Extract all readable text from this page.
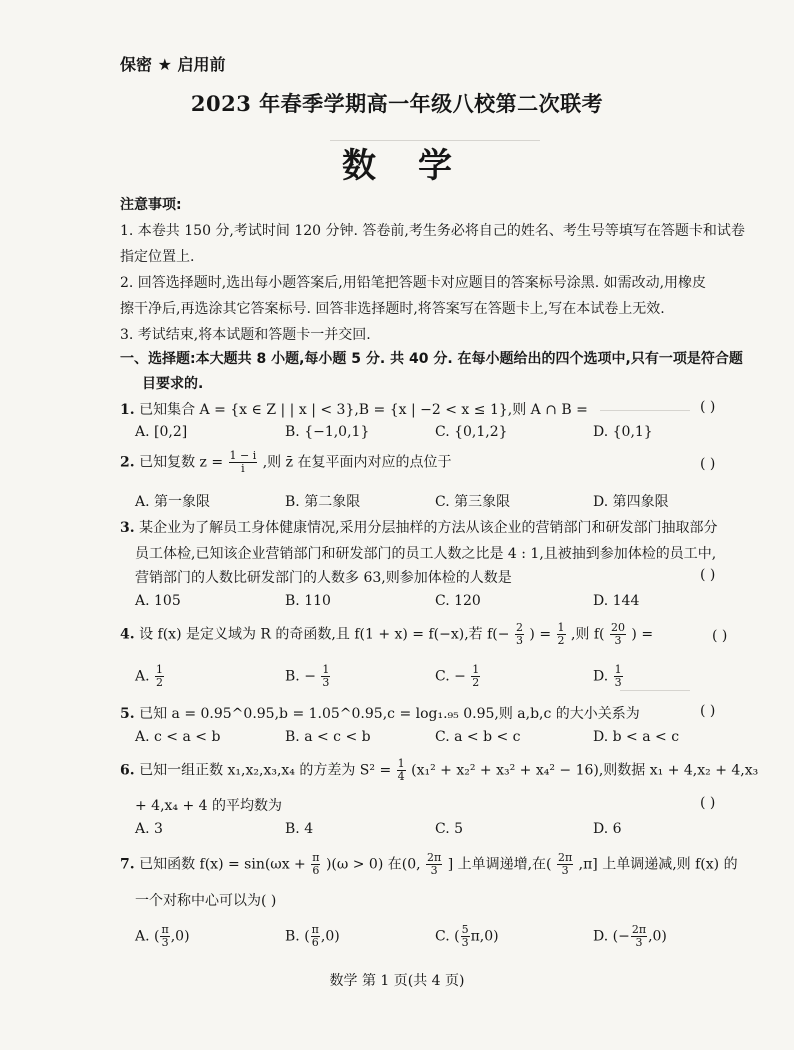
保密 ★ 启用前
2023 年春季学期高一年级八校第二次联考
数学
注意事项:
1. 本卷共 150 分,考试时间 120 分钟. 答卷前,考生务必将自己的姓名、考生号等填写在答题卡和试卷
指定位置上.
2. 回答选择题时,选出每小题答案后,用铅笔把答题卡对应题目的答案标号涂黑. 如需改动,用橡皮
擦干净后,再选涂其它答案标号. 回答非选择题时,将答案写在答题卡上,写在本试卷上无效.
3. 考试结束,将本试题和答题卡一并交回.
一、选择题:本大题共 8 小题,每小题 5 分. 共 40 分. 在每小题给出的四个选项中,只有一项是符合题
目要求的.
1. 已知集合 A = {x ∈ Z | | x | < 3},B = {x | −2 < x ≤ 1},则 A ∩ B =	( )
A. [0,2]	B. {−1,0,1}	C. {0,1,2}	D. {0,1}
2. 已知复数 $z = \frac{1 - i}{i}$ ,则 z̄ 在复平面内对应的点位于	( )
A. 第一象限	B. 第二象限	C. 第三象限	D. 第四象限
3. 某企业为了解员工身体健康情况,采用分层抽样的方法从该企业的营销部门和研发部门抽取部分
员工体检,已知该企业营销部门和研发部门的员工人数之比是 4 : 1,且被抽到参加体检的员工中,
营销部门的人数比研发部门的人数多 63,则参加体检的人数是	( )
A. 105	B. 110	C. 120	D. 144
4. 设 f(x) 是定义域为 R 的奇函数,且 f(1 + x) = f(−x),若 $f(- \frac{2}{3}$ ) = $\frac{1}{2}$ ,则 $f( \frac{20}{3}$ ) =	( )
A. $\frac{1}{2}$	B. − $\frac{1}{3}$	C. − $\frac{1}{2}$	D. $\frac{1}{3}$
5. 已知 a = 0.95^0.95,b = 1.05^0.95,c = log₁.₉₅ 0.95,则 a,b,c 的大小关系为	( )
A. c < a < b	B. a < c < b	C. a < b < c	D. b < a < c
6. 已知一组正数 x₁,x₂,x₃,x₄ 的方差为 $S^2 = \frac{1}{4} (x_1^2 + x_2^2 + x_3^2 + x_4^2 - 16)$,则数据 x₁ + 4,x₂ + 4,x₃
+ 4,x₄ + 4 的平均数为	( )
A. 3	B. 4	C. 5	D. 6
7. 已知函数 $f(x) = \sin(\omega x + \frac{\pi}{6} )(\omega > 0)$ 在(0, $\frac{2\pi}{3}$ ] 上单调递增,在( $\frac{2\pi}{3} ,\pi$] 上单调递减,则 f(x) 的
一个对称中心可以为( )
A. ( $\frac{\pi}{3} ,0$)	B. ( $\frac{\pi}{6} ,0$)	C. ( $\frac{5}{3} \pi,0$)	D. (− $\frac{2\pi}{3} ,0$)
数学 第 1 页(共 4 页)
